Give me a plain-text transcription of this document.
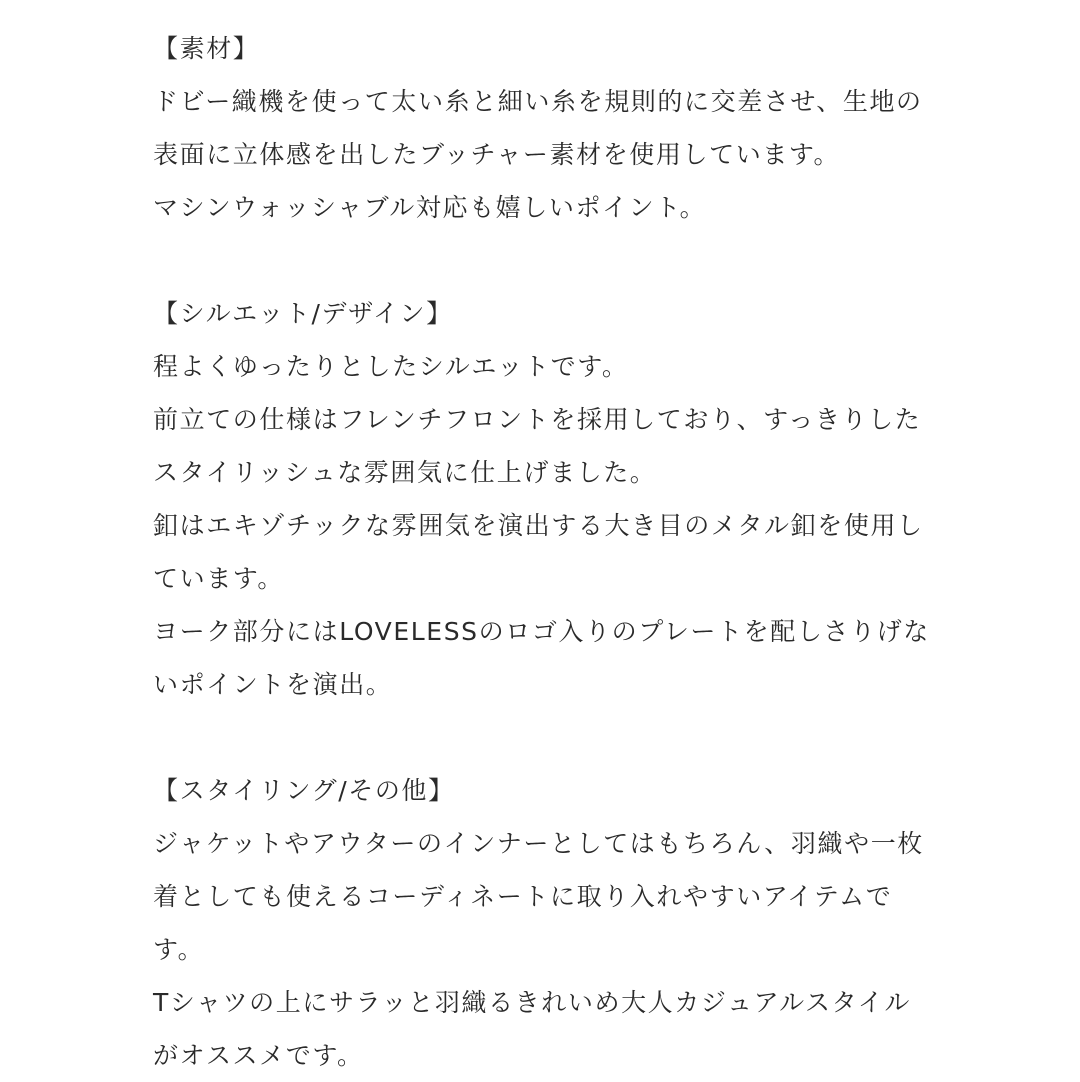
【素材】
ドビー織機を使って太い糸と細い糸を規則的に交差させ、生地の
表面に立体感を出したブッチャー素材を使用しています。
マシンウォッシャブル対応も嬉しいポイント。
【シルエット/デザイン】
程よくゆったりとしたシルエットです。
前立ての仕様はフレンチフロントを採用しており、すっきりした
スタイリッシュな雰囲気に仕上げました。
釦はエキゾチックな雰囲気を演出する大き目のメタル釦を使用し
ています。
ヨーク部分にはLOVELESSのロゴ入りのプレートを配しさりげな
いポイントを演出。
【スタイリング/その他】
ジャケットやアウターのインナーとしてはもちろん、羽織や一枚
着としても使えるコーディネートに取り入れやすいアイテムで
す。
Tシャツの上にサラッと羽織るきれいめ大人カジュアルスタイル
がオススメです。
